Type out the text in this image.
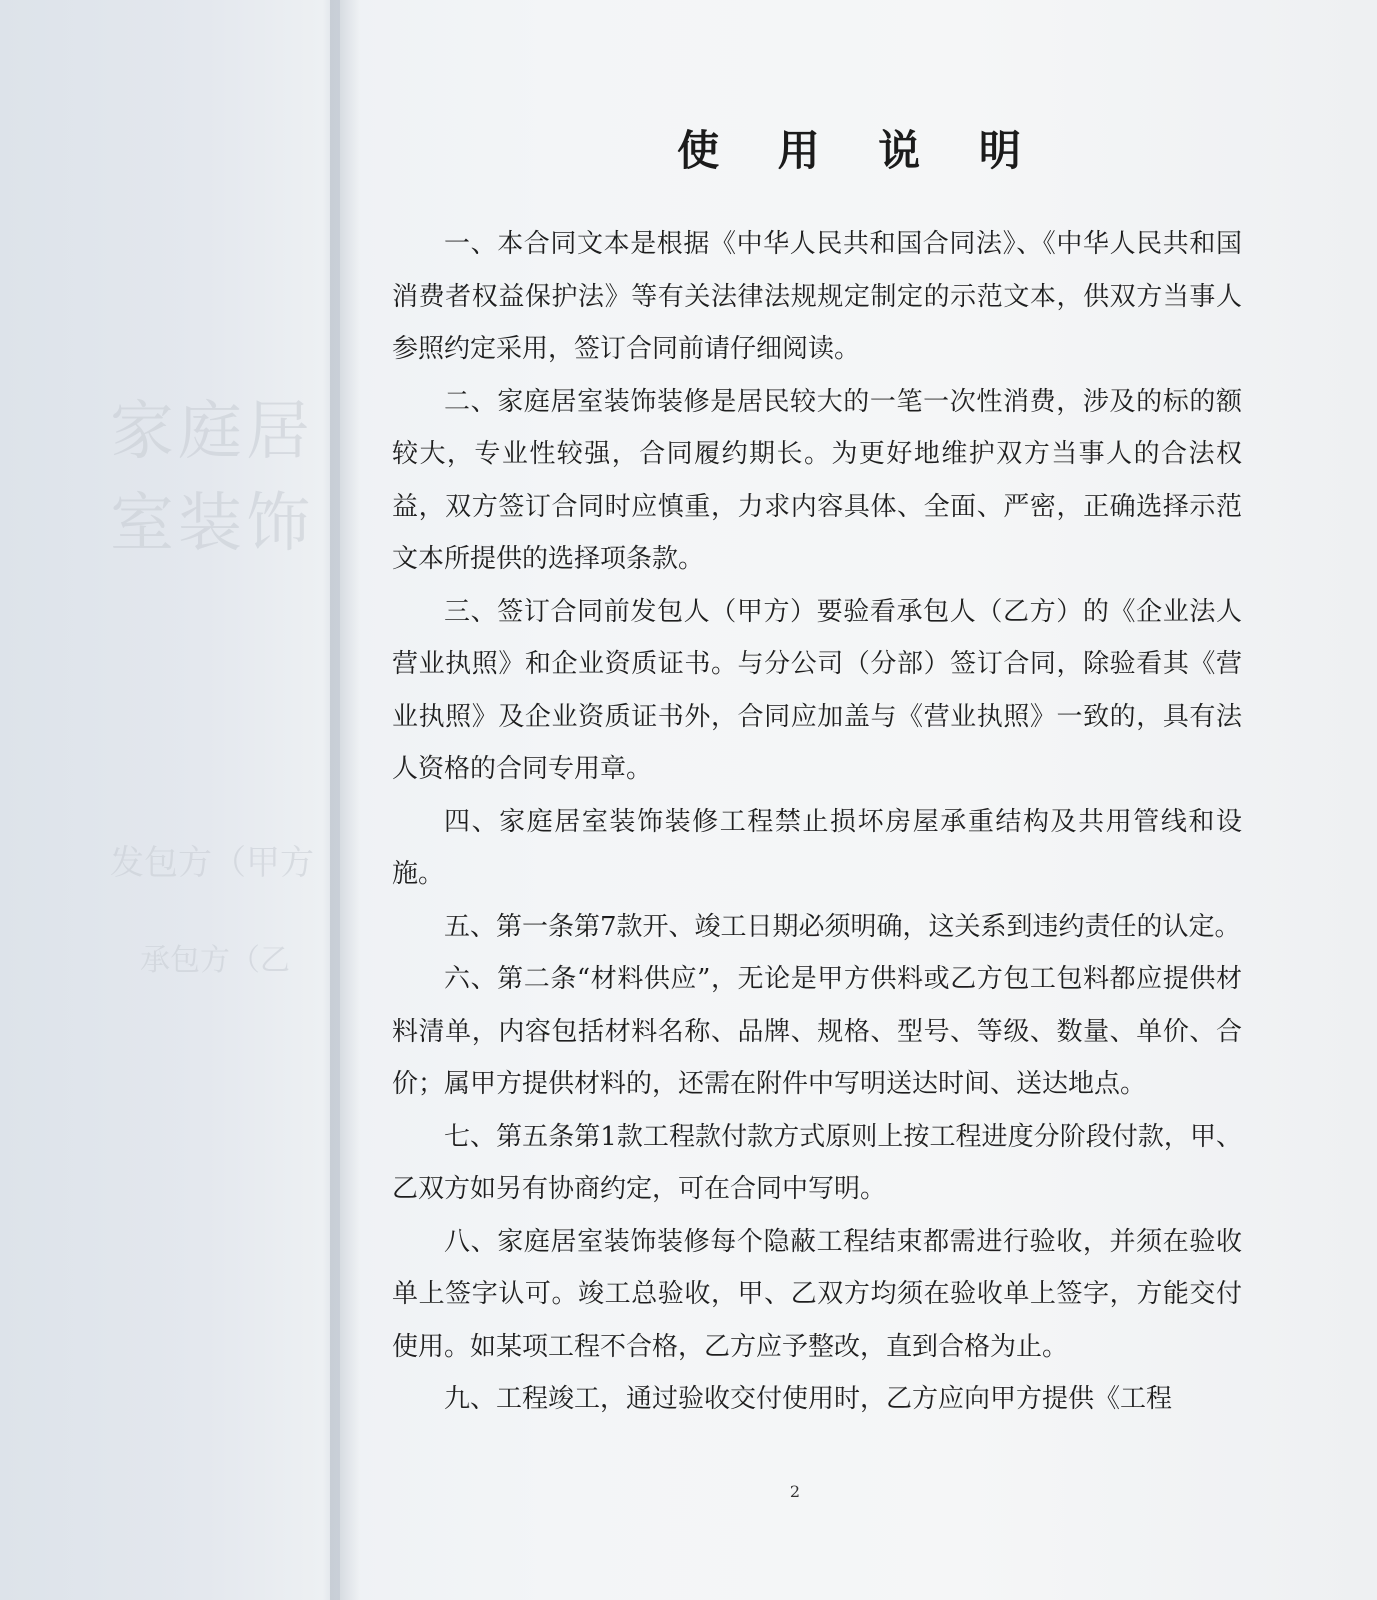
家庭居室装饰
发包方（甲方
承包方（乙
使 用 说 明

一、本合同文本是根据《中华人民共和国合同法》、《中华人民共和国消费者权益保护法》等有关法律法规规定制定的示范文本，供双方当事人参照约定采用，签订合同前请仔细阅读。

二、家庭居室装饰装修是居民较大的一笔一次性消费，涉及的标的额较大，专业性较强，合同履约期长。为更好地维护双方当事人的合法权益，双方签订合同时应慎重，力求内容具体、全面、严密，正确选择示范文本所提供的选择项条款。

三、签订合同前发包人（甲方）要验看承包人（乙方）的《企业法人营业执照》和企业资质证书。与分公司（分部）签订合同，除验看其《营业执照》及企业资质证书外，合同应加盖与《营业执照》一致的，具有法人资格的合同专用章。

四、家庭居室装饰装修工程禁止损坏房屋承重结构及共用管线和设施。

五、第一条第7款开、竣工日期必须明确，这关系到违约责任的认定。

六、第二条“材料供应”，无论是甲方供料或乙方包工包料都应提供材料清单，内容包括材料名称、品牌、规格、型号、等级、数量、单价、合价；属甲方提供材料的，还需在附件中写明送达时间、送达地点。

七、第五条第1款工程款付款方式原则上按工程进度分阶段付款，甲、乙双方如另有协商约定，可在合同中写明。

八、家庭居室装饰装修每个隐蔽工程结束都需进行验收，并须在验收单上签字认可。竣工总验收，甲、乙双方均须在验收单上签字，方能交付使用。如某项工程不合格，乙方应予整改，直到合格为止。

九、工程竣工，通过验收交付使用时，乙方应向甲方提供《工程

2
